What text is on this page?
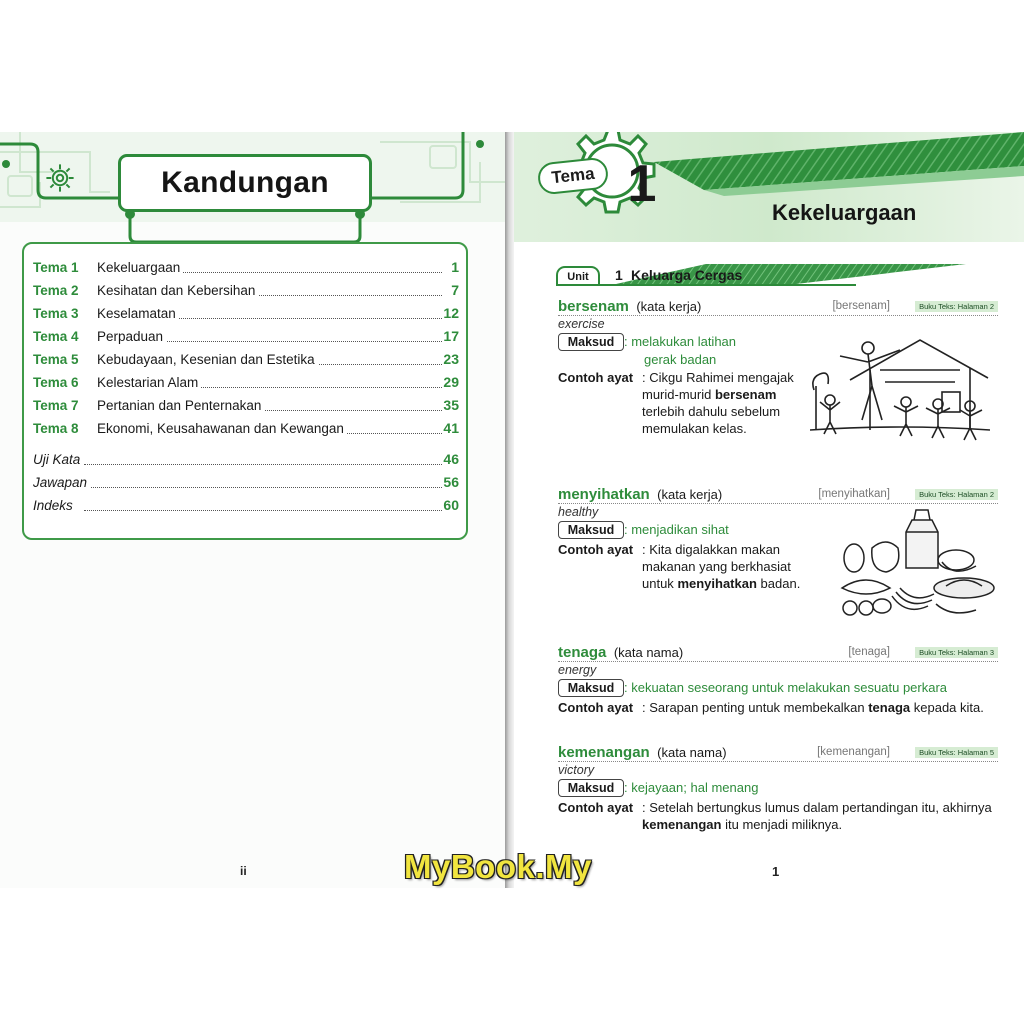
Kandungan
Tema 1 Kekeluargaan	1
Tema 2 Kesihatan dan Kebersihan	7
Tema 3 Keselamatan	12
Tema 4 Perpaduan	17
Tema 5 Kebudayaan, Kesenian dan Estetika	23
Tema 6 Kelestarian Alam	29
Tema 7 Pertanian dan Penternakan	35
Tema 8 Ekonomi, Keusahawanan dan Kewangan	41
Uji Kata	46
Jawapan	56
Indeks	60
ii
Tema 1	Kekeluargaan
Unit	1 Keluarga Cergas
bersenam (kata kerja)	[bersenam]	Buku Teks: Halaman 2
exercise
Maksud : melakukan latihan
gerak badan
Contoh ayat : Cikgu Rahimei mengajak murid-murid bersenam terlebih dahulu sebelum memulakan kelas.
menyihatkan (kata kerja)	[menyihatkan]	Buku Teks: Halaman 2
healthy
Maksud : menjadikan sihat
Contoh ayat : Kita digalakkan makan makanan yang berkhasiat untuk menyihatkan badan.
tenaga (kata nama)	[tenaga]	Buku Teks: Halaman 3
energy
Maksud : kekuatan seseorang untuk melakukan sesuatu perkara
Contoh ayat : Sarapan penting untuk membekalkan tenaga kepada kita.
kemenangan (kata nama)	[kemenangan]	Buku Teks: Halaman 5
victory
Maksud : kejayaan; hal menang
Contoh ayat : Setelah bertungkus lumus dalam pertandingan itu, akhirnya kemenangan itu menjadi miliknya.
1
MyBook.My
